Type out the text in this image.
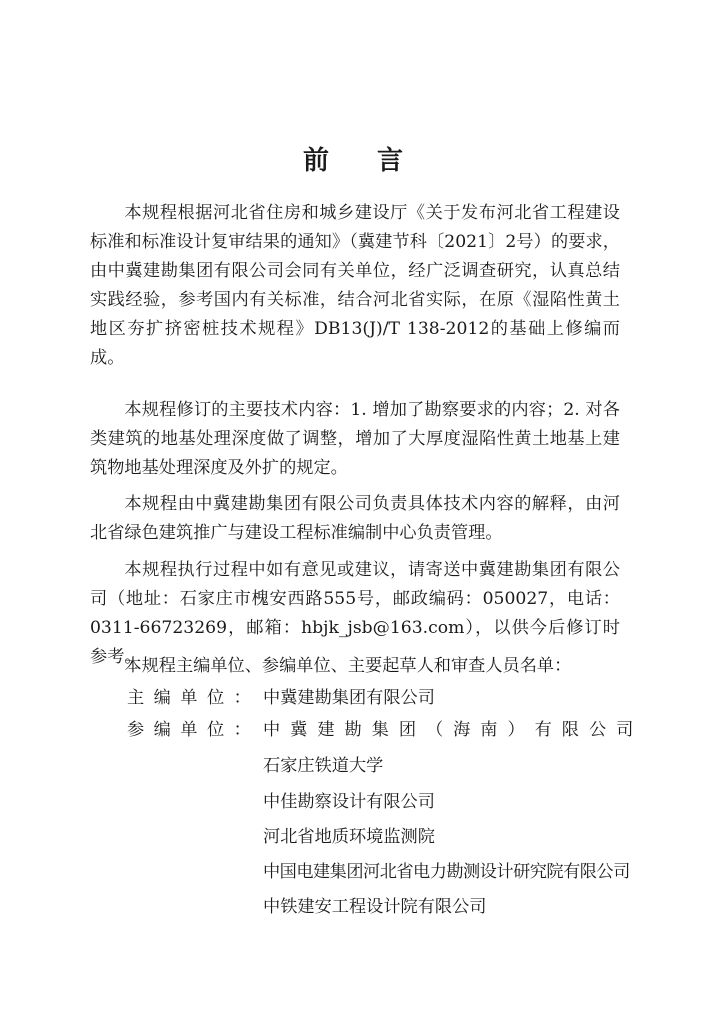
前 言

本规程根据河北省住房和城乡建设厅《关于发布河北省工程建设标准和标准设计复审结果的通知》（冀建节科〔2021〕2号）的要求，由中冀建勘集团有限公司会同有关单位，经广泛调查研究，认真总结实践经验，参考国内有关标准，结合河北省实际，在原《湿陷性黄土地区夯扩挤密桩技术规程》DB13(J)/T 138-2012的基础上修编而成。

本规程修订的主要技术内容：1. 增加了勘察要求的内容；2. 对各类建筑的地基处理深度做了调整，增加了大厚度湿陷性黄土地基上建筑物地基处理深度及外扩的规定。

本规程由中冀建勘集团有限公司负责具体技术内容的解释，由河北省绿色建筑推广与建设工程标准编制中心负责管理。

本规程执行过程中如有意见或建议，请寄送中冀建勘集团有限公司（地址：石家庄市槐安西路555号，邮政编码：050027，电话：0311-66723269，邮箱：hbjk_jsb@163.com），以供今后修订时参考。

本规程主编单位、参编单位、主要起草人和审查人员名单：

主编单位： 中冀建勘集团有限公司
参编单位： 中冀建勘集团（海南）有限公司
石家庄铁道大学
中佳勘察设计有限公司
河北省地质环境监测院
中国电建集团河北省电力勘测设计研究院有限公司
中铁建安工程设计院有限公司
